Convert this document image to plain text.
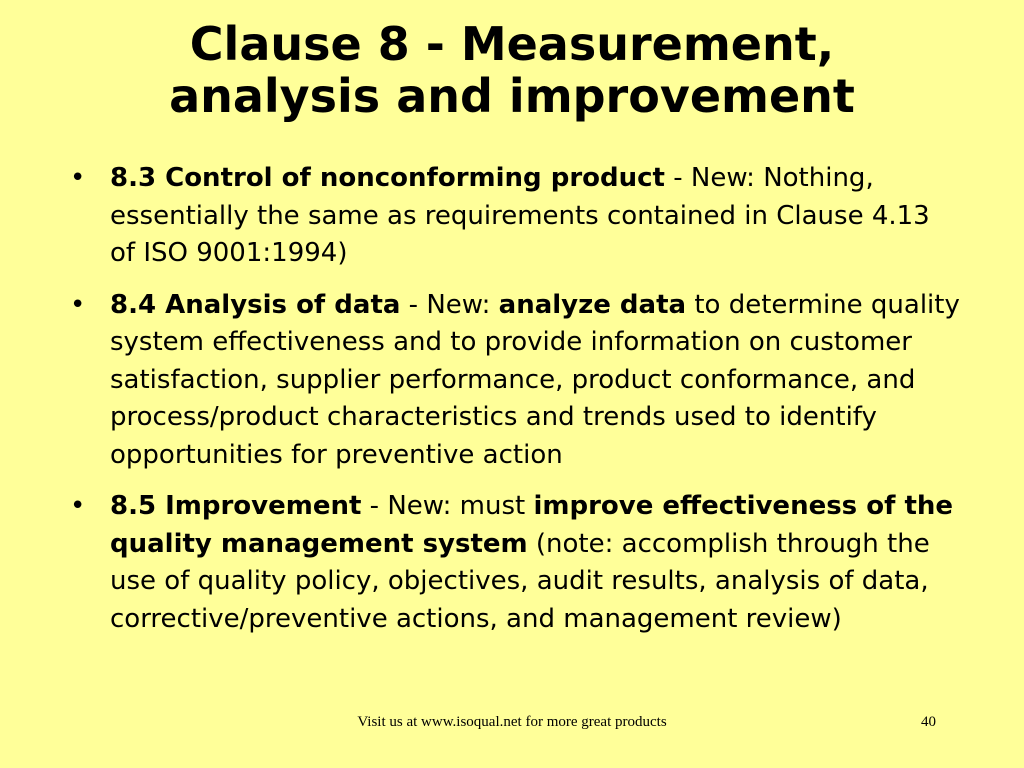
Clause 8 - Measurement,
analysis and improvement
• 8.3 Control of nonconforming product - New: Nothing, essentially the same as requirements contained in Clause 4.13 of ISO 9001:1994)
• 8.4 Analysis of data - New: analyze data to determine quality system effectiveness and to provide information on customer satisfaction, supplier performance, product conformance, and process/product characteristics and trends used to identify opportunities for preventive action
• 8.5 Improvement - New: must improve effectiveness of the quality management system (note: accomplish through the use of quality policy, objectives, audit results, analysis of data, corrective/preventive actions, and management review)
Visit us at www.isoqual.net for more great products	40
